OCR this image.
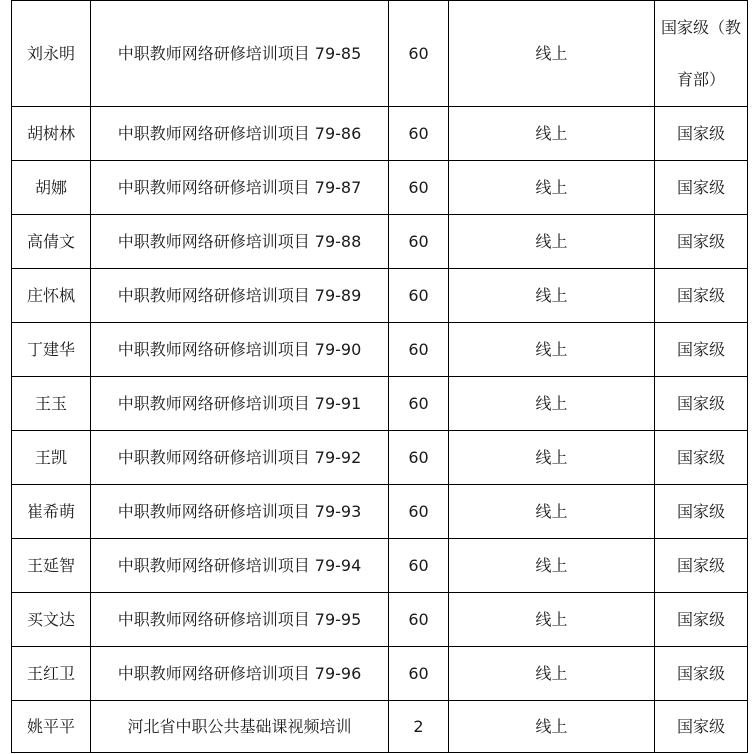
刘永明	中职教师网络研修培训项目 79-85	60	线上	国家级（教
育部）

胡树林	中职教师网络研修培训项目 79-86	60	线上	国家级
胡娜	中职教师网络研修培训项目 79-87	60	线上	国家级
高倩文	中职教师网络研修培训项目 79-88	60	线上	国家级
庄怀枫	中职教师网络研修培训项目 79-89	60	线上	国家级
丁建华	中职教师网络研修培训项目 79-90	60	线上	国家级
王玉	中职教师网络研修培训项目 79-91	60	线上	国家级
王凯	中职教师网络研修培训项目 79-92	60	线上	国家级
崔希萌	中职教师网络研修培训项目 79-93	60	线上	国家级
王延智	中职教师网络研修培训项目 79-94	60	线上	国家级
买文达	中职教师网络研修培训项目 79-95	60	线上	国家级
王红卫	中职教师网络研修培训项目 79-96	60	线上	国家级
姚平平	河北省中职公共基础课视频培训	2	线上	国家级
